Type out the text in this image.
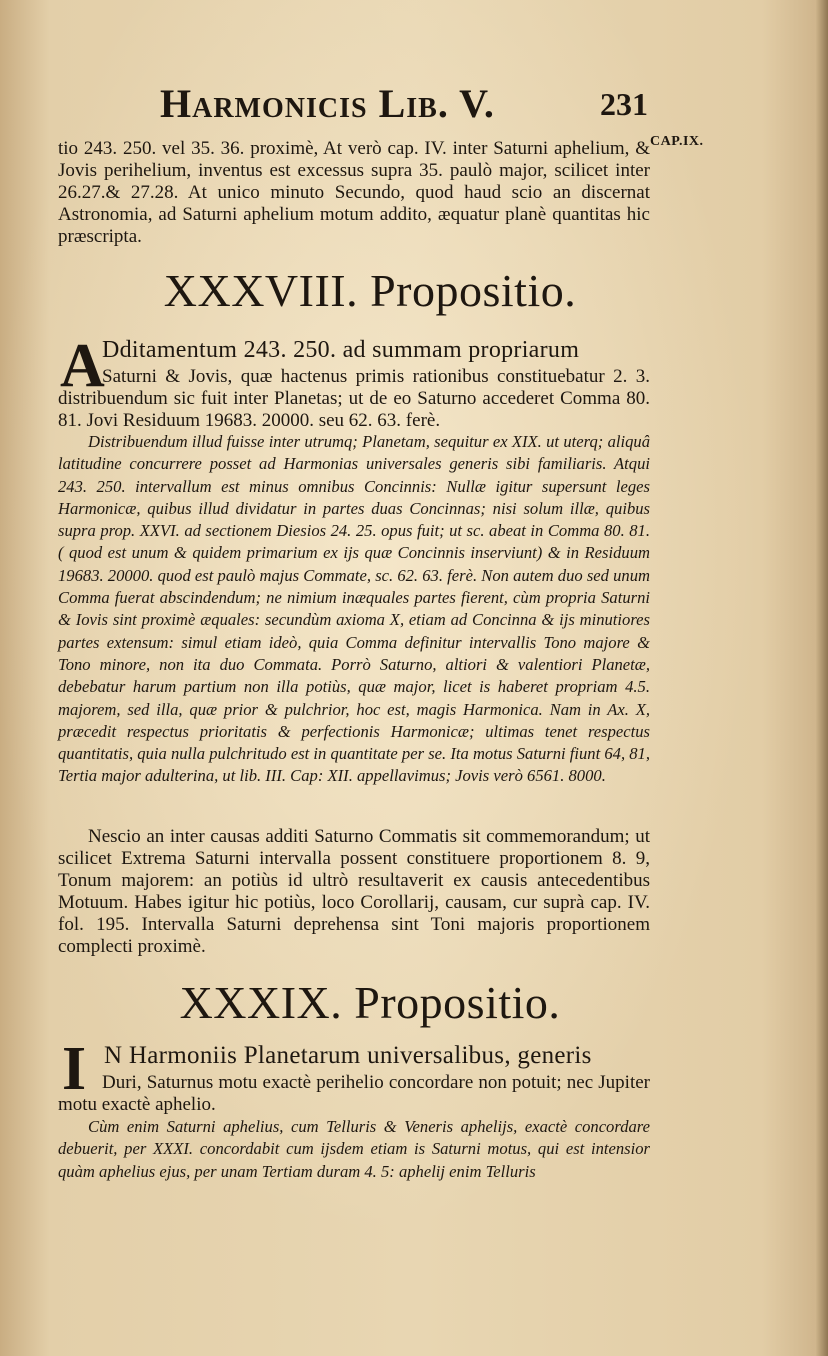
Harmonicis Lib. V.	231
CAP.IX.
tio 243. 250. vel 35. 36. proximè, At verò cap. IV. inter Saturni aphelium, & Jovis perihelium, inventus est excessus supra 35. paulò major, scilicet inter 26.27.& 27.28. At unico minuto Secundo, quod haud scio an discernat Astronomia, ad Saturni aphelium motum addito, æquatur planè quantitas hic præscripta.
XXXVIII. Propositio.
A
Dditamentum 243. 250. ad summam propriarum
Saturni & Jovis, quæ hactenus primis rationibus constituebatur 2. 3. distribuendum sic fuit inter Planetas; ut de eo Saturno accederet Comma 80. 81. Jovi Residuum 19683. 20000. seu 62. 63. ferè.
Distribuendum illud fuisse inter utrumq; Planetam, sequitur ex XIX. ut uterq; aliquâ latitudine concurrere posset ad Harmonias universales generis sibi familiaris. Atqui 243. 250. intervallum est minus omnibus Concinnis: Nullæ igitur supersunt leges Harmonicæ, quibus illud dividatur in partes duas Concinnas; nisi solum illæ, quibus supra prop. XXVI. ad sectionem Diesios 24. 25. opus fuit; ut sc. abeat in Comma 80. 81. ( quod est unum & quidem primarium ex ijs quæ Concinnis inserviunt) & in Residuum 19683. 20000. quod est paulò majus Commate, sc. 62. 63. ferè. Non autem duo sed unum Comma fuerat abscindendum; ne nimium inæquales partes fierent, cùm propria Saturni & Iovis sint proximè æquales: secundùm axioma X, etiam ad Concinna & ijs minutiores partes extensum: simul etiam ideò, quia Comma definitur intervallis Tono majore & Tono minore, non ita duo Commata. Porrò Saturno, altiori & valentiori Planetæ, debebatur harum partium non illa potiùs, quæ major, licet is haberet propriam 4.5. majorem, sed illa, quæ prior & pulchrior, hoc est, magis Harmonica. Nam in Ax. X, præcedit respectus prioritatis & perfectionis Harmonicæ; ultimas tenet respectus quantitatis, quia nulla pulchritudo est in quantitate per se. Ita motus Saturni fiunt 64, 81, Tertia major adulterina, ut lib. III. Cap: XII. appellavimus; Jovis verò 6561. 8000.
Nescio an inter causas additi Saturno Commatis sit commemorandum; ut scilicet Extrema Saturni intervalla possent constituere proportionem 8. 9, Tonum majorem: an potiùs id ultrò resultaverit ex causis antecedentibus Motuum. Habes igitur hic potiùs, loco Corollarij, causam, cur suprà cap. IV. fol. 195. Intervalla Saturni deprehensa sint Toni majoris proportionem complecti proximè.
XXXIX. Propositio.
I N Harmoniis Planetarum universalibus, generis
Duri, Saturnus motu exactè perihelio concordare non potuit; nec Jupiter motu exactè aphelio.
Cùm enim Saturni aphelius, cum Telluris & Veneris aphelijs, exactè concordare debuerit, per XXXI. concordabit cum ijsdem etiam is Saturni motus, qui est intensior quàm aphelius ejus, per unam Tertiam duram 4. 5: aphelij enim Telluris
